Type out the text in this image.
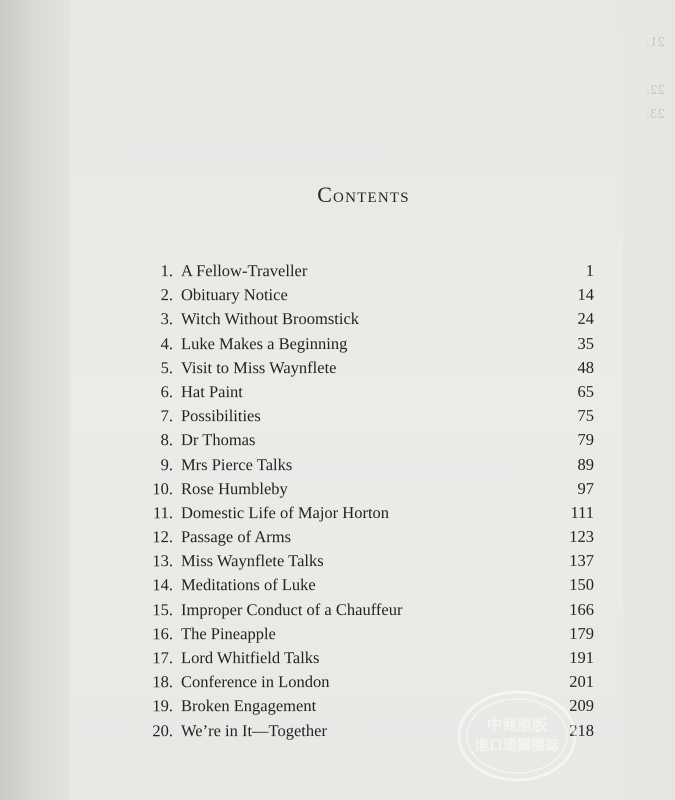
21.

22.
23.
Contents
1. A Fellow-Traveller	1
2. Obituary Notice	14
3. Witch Without Broomstick	24
4. Luke Makes a Beginning	35
5. Visit to Miss Waynflete	48
6. Hat Paint	65
7. Possibilities	75
8. Dr Thomas	79
9. Mrs Pierce Talks	89
10. Rose Humbleby	97
11. Domestic Life of Major Horton	111
12. Passage of Arms	123
13. Miss Waynflete Talks	137
14. Meditations of Luke	150
15. Improper Conduct of a Chauffeur	166
16. The Pineapple	179
17. Lord Whitfield Talks	191
18. Conference in London	201
19. Broken Engagement	209
20. We’re in It—Together	218
中商原版
進口通關標誌
